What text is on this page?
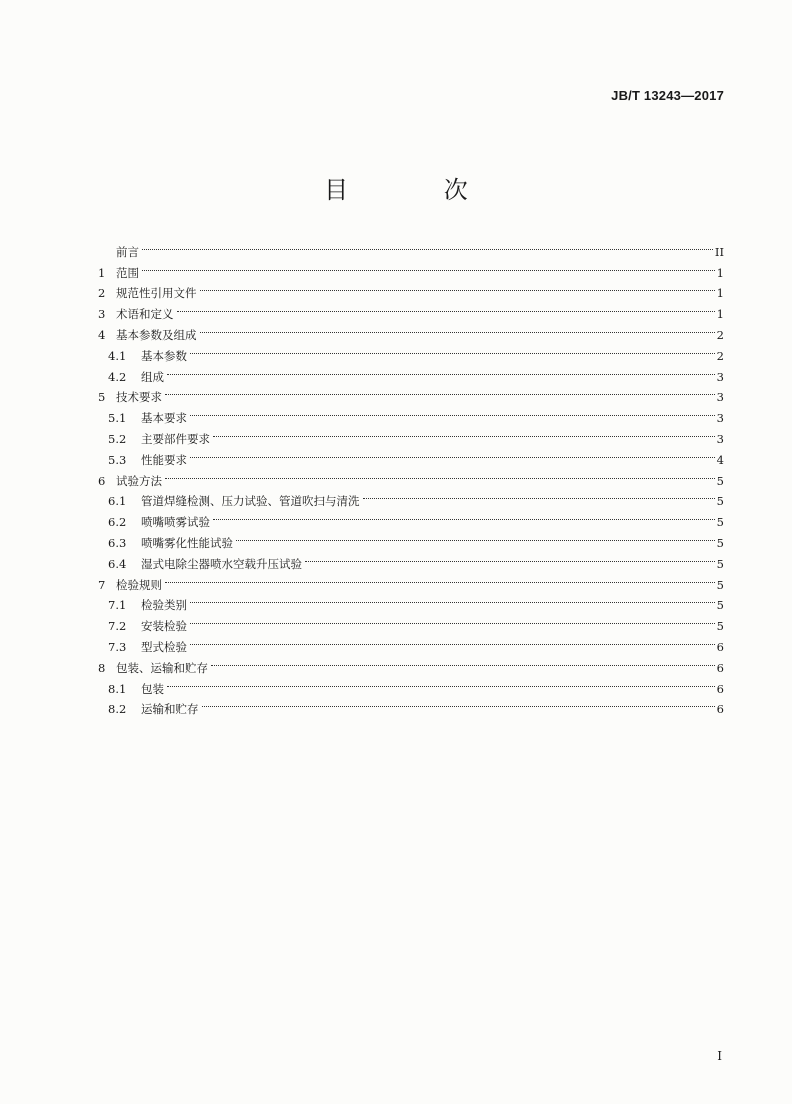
JB/T 13243—2017
目 次
前言	II
1 范围	1
2 规范性引用文件	1
3 术语和定义	1
4 基本参数及组成	2
4.1	基本参数	2
4.2	组成	3
5 技术要求	3
5.1	基本要求	3
5.2	主要部件要求	3
5.3	性能要求	4
6 试验方法	5
6.1	管道焊缝检测、压力试验、管道吹扫与清洗	5
6.2	喷嘴喷雾试验	5
6.3	喷嘴雾化性能试验	5
6.4	湿式电除尘器喷水空载升压试验	5
7 检验规则	5
7.1	检验类别	5
7.2	安装检验	5
7.3	型式检验	6
8 包装、运输和贮存	6
8.1	包装	6
8.2	运输和贮存	6
I
